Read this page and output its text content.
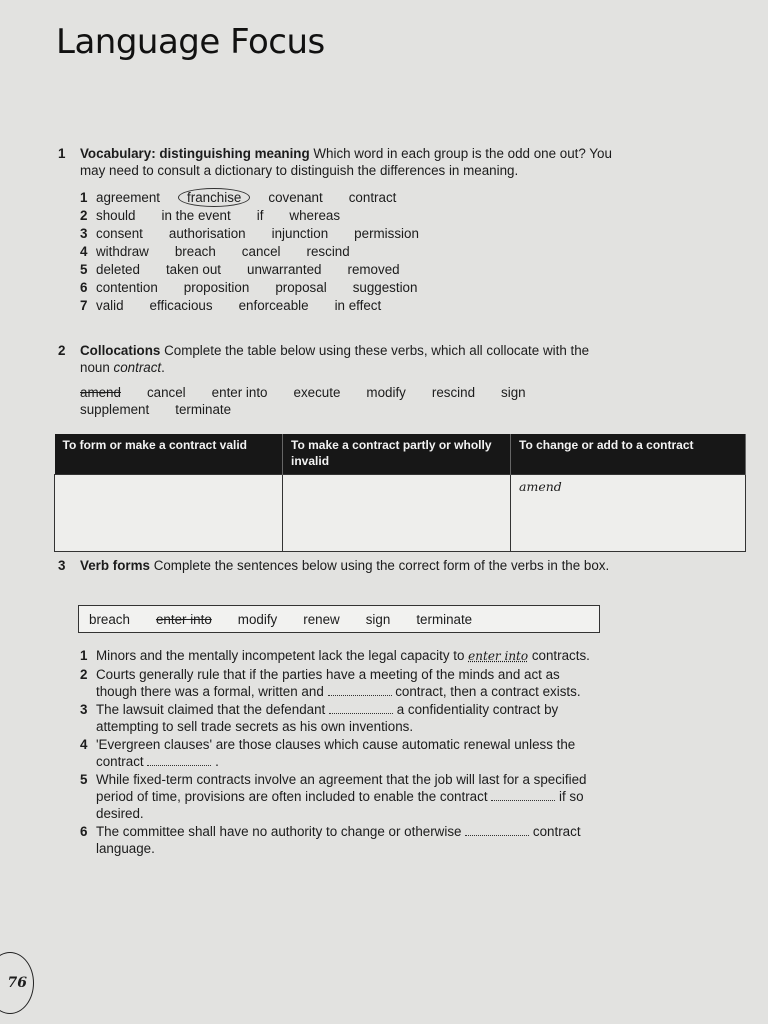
Language Focus
1 Vocabulary: distinguishing meaning Which word in each group is the odd one out? You may need to consult a dictionary to distinguish the differences in meaning.
1 agreement	franchise	covenant contract
2 should in the event if whereas
3 consent authorisation injunction permission
4 withdraw breach cancel rescind
5 deleted taken out unwarranted removed
6 contention proposition proposal suggestion
7 valid efficacious enforceable in effect
2 Collocations Complete the table below using these verbs, which all collocate with the noun contract.
amend cancel enter into execute modify rescind signsupplement terminate
To form or make a contract valid	To make a contract partly or wholly invalid	To change or add to a contract
		amend
3 Verb forms Complete the sentences below using the correct form of the verbs in the box.
breach enter into modify renew sign terminate
1 Minors and the mentally incompetent lack the legal capacity to enter into contracts.
2 Courts generally rule that if the parties have a meeting of the minds and act as though there was a formal, written and	contract, then a contract exists.
3 The lawsuit claimed that the defendant	a confidentiality contract by attempting to sell trade secrets as his own inventions.
4 'Evergreen clauses' are those clauses which cause automatic renewal unless the contract	.
5 While fixed-term contracts involve an agreement that the job will last for a specified period of time, provisions are often included to enable the contract	if so desired.
6 The committee shall have no authority to change or otherwise	contract language.
76
